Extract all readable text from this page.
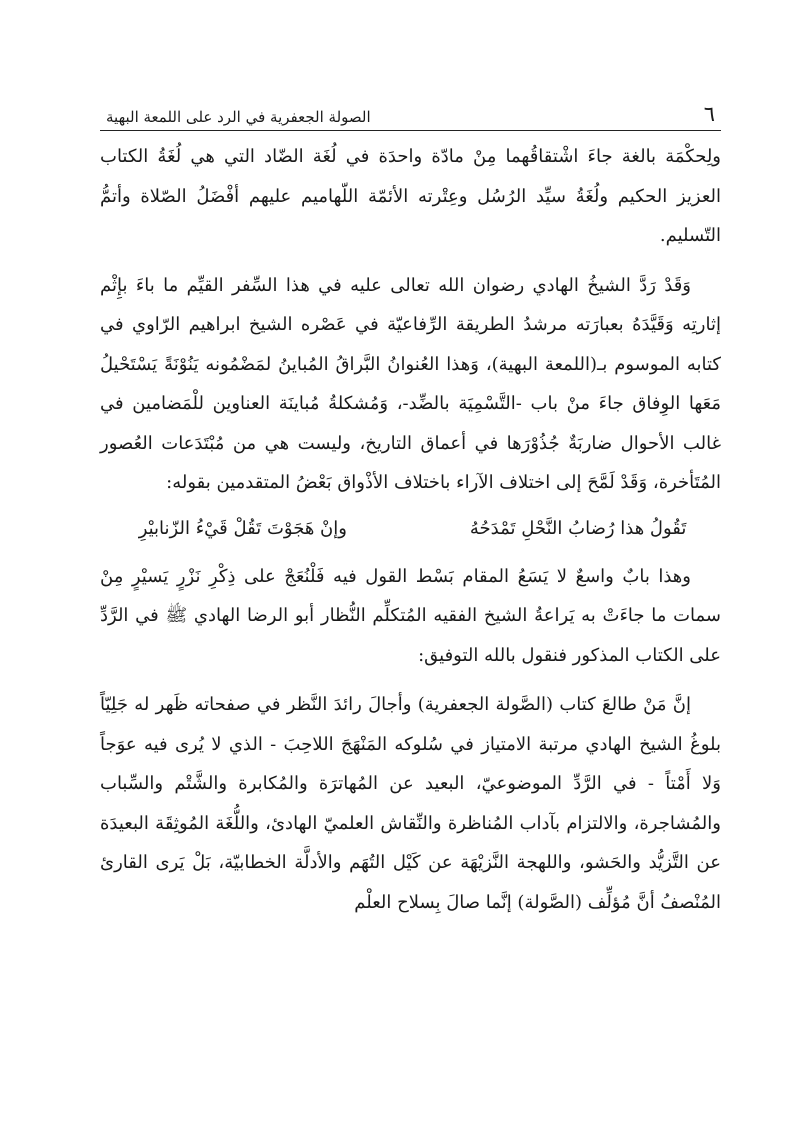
٦
الصولة الجعفرية في الرد على اللمعة البهية

ولِحكْمَة بالغة جاءَ اشْتقاقُهما مِنْ مادّة واحدَة في لُغَة الضّاد التي هي لُغَةُ الكتاب العزيز الحكيم ولُغَةُ سيِّد الرُسُل وعِتْرته الأئمّة اللّهاميم عليهم أفْضَلُ الصّلاة وأتمُّ التّسليم.

وَقَدْ رَدَّ الشيخُ الهادي رضوان الله تعالى عليه في هذا السِّفر القيِّم ما باءَ بإِثْم إثارتِه وَقَيَّدَهُ بعبارَته مرشدُ الطريقة الرِّفاعيّة في عَصْره الشيخ ابراهيم الرّاوي في كتابه الموسوم بـ(اللمعة البهية)، وَهذا العُنوانُ البَّراقُ المُباينُ لمَضْمُونه يَنُوْنَةً يَسْتَحْيلُ مَعَها الوِفاق جاءَ منْ باب -التَّسْمِيَة بالضِّد-، وَمُشكلةُ مُباينَة العناوين للْمَضامين في غالب الأحوال ضاربَةٌ جُذُوْرَها في أعماق التاريخ، وليست هي من مُبْتَدَعات العُصور المُتَأخرة، وَقَدْ لَمَّحَ إلى اختلاف الآراء باختلاف الأذْواق بَعْضُ المتقدمين بقوله:

تَقُولُ هذا رُضابُ النَّحْلِ تَمْدَحُهُ
وإنْ هَجَوْتَ تَقُلْ قَيْءُ الزّنابيْرِ

وهذا بابٌ واسعٌ لا يَسَعُ المقام بَسْط القول فيه فَلْنُعَجْ على ذِكْرِ نَزْرٍ يَسيْرٍ مِنْ سمات ما جاءَتْ به يَراعةُ الشيخ الفقيه المُتكلِّم النُّظار أبو الرضا الهادي ﷺ في الرَّدِّ على الكتاب المذكور فنقول بالله التوفيق:

إنَّ مَنْ طالعَ كتاب (الصَّولة الجعفرية) وأجالَ رائدَ النَّظر في صفحاته ظَهر له جَلِيّاً بلوغُ الشيخ الهادي مرتبة الامتياز في سُلوكه المَنْهَجَ اللاحِبَ - الذي لا يُرى فيه عوَجاً وَلا أَمْتاً - في الرَّدِّ الموضوعيّ، البعيد عن المُهاترَة والمُكابرة والشَّتْم والسِّباب والمُشاجرة، والالتزام بآداب المُناظرة والنِّقاش العلميّ الهادئ، واللُّغَة المُوثِقَة البعيدَة عن التَّزيُّد والحَشو، واللهجة النَّزيْهَة عن كَيْل التُهَم والأدلَّة الخطابيّة، بَلْ يَرى القارئ المُنْصفُ أنَّ مُؤلِّف (الصَّولة) إنَّما صالَ بِسلاح العلْم
